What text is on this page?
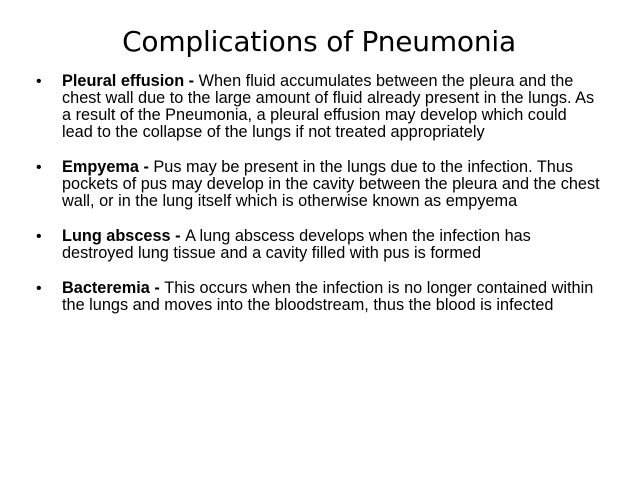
Complications of Pneumonia
• Pleural effusion - When fluid accumulates between the pleura and the chest wall due to the large amount of fluid already present in the lungs. As a result of the Pneumonia, a pleural effusion may develop which could lead to the collapse of the lungs if not treated appropriately
• Empyema - Pus may be present in the lungs due to the infection. Thus pockets of pus may develop in the cavity between the pleura and the chest wall, or in the lung itself which is otherwise known as empyema
• Lung abscess - A lung abscess develops when the infection has destroyed lung tissue and a cavity filled with pus is formed
• Bacteremia - This occurs when the infection is no longer contained within the lungs and moves into the bloodstream, thus the blood is infected
